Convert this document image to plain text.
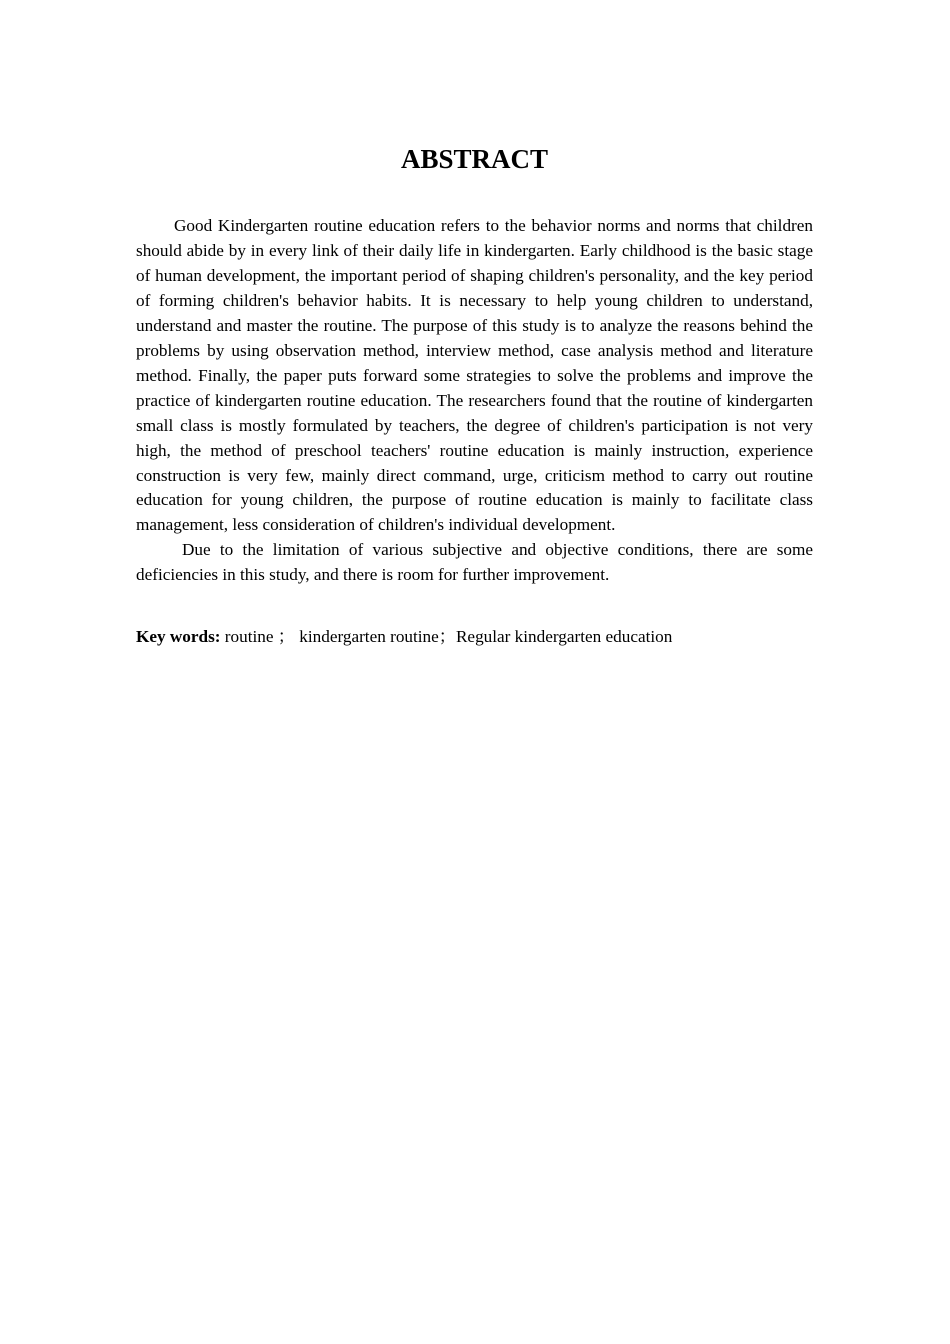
ABSTRACT

Good Kindergarten routine education refers to the behavior norms and norms that children should abide by in every link of their daily life in kindergarten. Early childhood is the basic stage of human development, the important period of shaping children's personality, and the key period of forming children's behavior habits. It is necessary to help young children to understand, understand and master the routine. The purpose of this study is to analyze the reasons behind the problems by using observation method, interview method, case analysis method and literature method. Finally, the paper puts forward some strategies to solve the problems and improve the practice of kindergarten routine education. The researchers found that the routine of kindergarten small class is mostly formulated by teachers, the degree of children's participation is not very high, the method of preschool teachers' routine education is mainly instruction, experience construction is very few, mainly direct command, urge, criticism method to carry out routine education for young children, the purpose of routine education is mainly to facilitate class management, less consideration of children's individual development.

Due to the limitation of various subjective and objective conditions, there are some deficiencies in this study, and there is room for further improvement.

Key words: routine ； kindergarten routine；Regular kindergarten education
